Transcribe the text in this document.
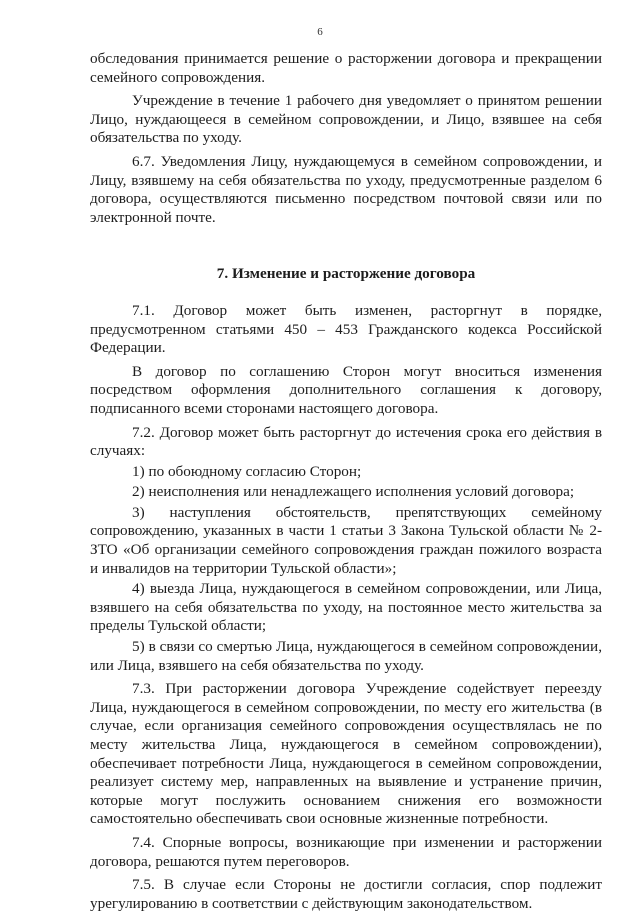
6

обследования принимается решение о расторжении договора и прекращении семейного сопровождения.

Учреждение в течение 1 рабочего дня уведомляет о принятом решении Лицо, нуждающееся в семейном сопровождении, и Лицо, взявшее на себя обязательства по уходу.

6.7. Уведомления Лицу, нуждающемуся в семейном сопровождении, и Лицу, взявшему на себя обязательства по уходу, предусмотренные разделом 6 договора, осуществляются письменно посредством почтовой связи или по электронной почте.

7. Изменение и расторжение договора

7.1. Договор может быть изменен, расторгнут в порядке, предусмотренном статьями 450 – 453 Гражданского кодекса Российской Федерации.

В договор по соглашению Сторон могут вноситься изменения посредством оформления дополнительного соглашения к договору, подписанного всеми сторонами настоящего договора.

7.2. Договор может быть расторгнут до истечения срока его действия в случаях:

1) по обоюдному согласию Сторон;

2) неисполнения или ненадлежащего исполнения условий договора;

3) наступления обстоятельств, препятствующих семейному сопровождению, указанных в части 1 статьи 3 Закона Тульской области № 2-ЗТО «Об организации семейного сопровождения граждан пожилого возраста и инвалидов на территории Тульской области»;

4) выезда Лица, нуждающегося в семейном сопровождении, или Лица, взявшего на себя обязательства по уходу, на постоянное место жительства за пределы Тульской области;

5) в связи со смертью Лица, нуждающегося в семейном сопровождении, или Лица, взявшего на себя обязательства по уходу.

7.3. При расторжении договора Учреждение содействует переезду Лица, нуждающегося в семейном сопровождении, по месту его жительства (в случае, если организация семейного сопровождения осуществлялась не по месту жительства Лица, нуждающегося в семейном сопровождении), обеспечивает потребности Лица, нуждающегося в семейном сопровождении, реализует систему мер, направленных на выявление и устранение причин, которые могут послужить основанием снижения его возможности самостоятельно обеспечивать свои основные жизненные потребности.

7.4. Спорные вопросы, возникающие при изменении и расторжении договора, решаются путем переговоров.

7.5. В случае если Стороны не достигли согласия, спор подлежит урегулированию в соответствии с действующим законодательством.
